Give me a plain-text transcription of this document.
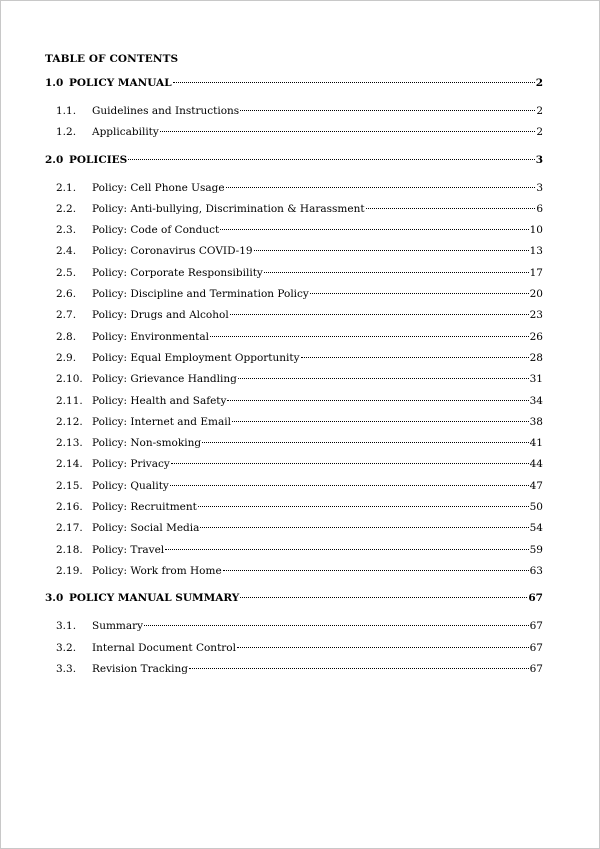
TABLE OF CONTENTS
1.0 POLICY MANUAL	2
1.1.	Guidelines and Instructions	2
1.2.	Applicability	2
2.0 POLICIES	3
2.1.	Policy: Cell Phone Usage	3
2.2.	Policy: Anti-bullying, Discrimination & Harassment	6
2.3.	Policy: Code of Conduct	10
2.4.	Policy: Coronavirus COVID-19	13
2.5.	Policy: Corporate Responsibility	17
2.6.	Policy: Discipline and Termination Policy	20
2.7.	Policy: Drugs and Alcohol	23
2.8.	Policy: Environmental	26
2.9.	Policy: Equal Employment Opportunity	28
2.10. Policy: Grievance Handling	31
2.11. Policy: Health and Safety	34
2.12. Policy: Internet and Email	38
2.13. Policy: Non-smoking	41
2.14. Policy: Privacy	44
2.15. Policy: Quality	47
2.16. Policy: Recruitment	50
2.17. Policy: Social Media	54
2.18. Policy: Travel	59
2.19. Policy: Work from Home	63
3.0 POLICY MANUAL SUMMARY	67
3.1.	Summary	67
3.2.	Internal Document Control	67
3.3.	Revision Tracking	67
